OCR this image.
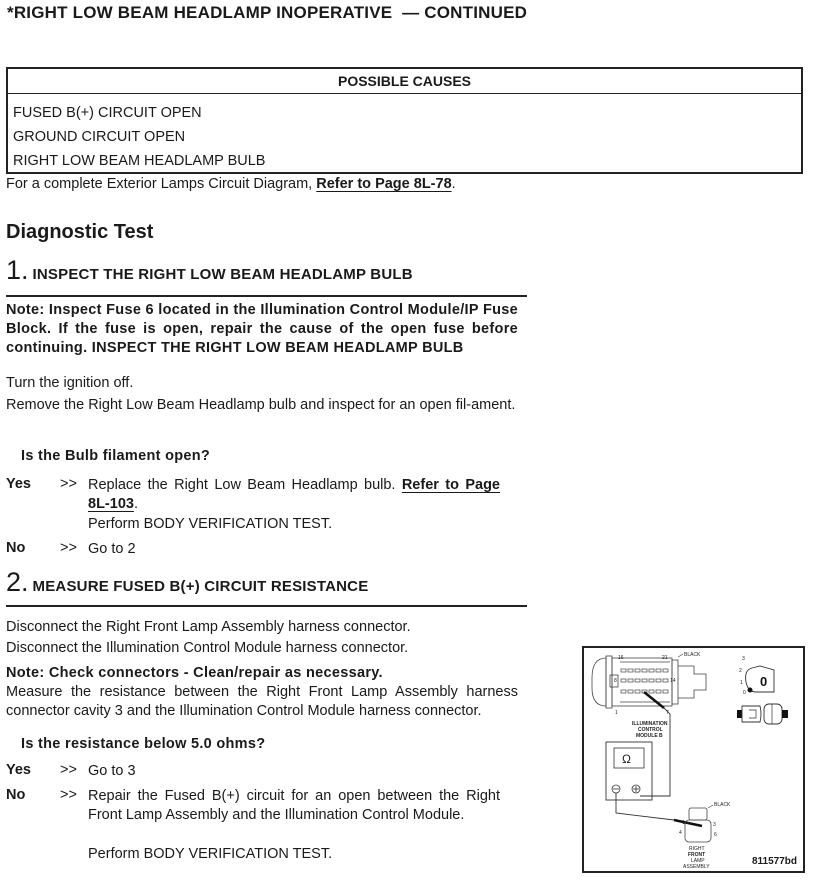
*RIGHT LOW BEAM HEADLAMP INOPERATIVE  — CONTINUED
POSSIBLE CAUSES
FUSED B(+) CIRCUIT OPEN
GROUND CIRCUIT OPEN
RIGHT LOW BEAM HEADLAMP BULB
For a complete Exterior Lamps Circuit Diagram, Refer to Page 8L-78.
Diagnostic Test
1. INSPECT THE RIGHT LOW BEAM HEADLAMP BULB
Note: Inspect Fuse 6 located in the Illumination Control Module/IP Fuse Block. If the fuse is open, repair the cause of the open fuse before continuing. INSPECT THE RIGHT LOW BEAM HEADLAMP BULB
Turn the ignition off.
Remove the Right Low Beam Headlamp bulb and inspect for an open fil-ament.
Is the Bulb filament open?
Yes >> Replace the Right Low Beam Headlamp bulb. Refer to Page 8L-103.
Perform BODY VERIFICATION TEST.
No >> Go to 2
2. MEASURE FUSED B(+) CIRCUIT RESISTANCE
Disconnect the Right Front Lamp Assembly harness connector.
Disconnect the Illumination Control Module harness connector.
Note: Check connectors - Clean/repair as necessary.
Measure the resistance between the Right Front Lamp Assembly harness connector cavity 3 and the Illumination Control Module harness connector.
Is the resistance below 5.0 ohms?
Yes >> Go to 3
No >> Repair the Fused B(+) circuit for an open between the Right Front Lamp Assembly and the Illumination Control Module.
Perform BODY VERIFICATION TEST.
16	21
8	14
1	7
BLACK
ILLUMINATION
CONTROL
MODULE B
Ω
BLACK
1	3
4	6
RIGHT
FRONT
LAMP
ASSEMBLY
0
3
2
1
0
811577bd
